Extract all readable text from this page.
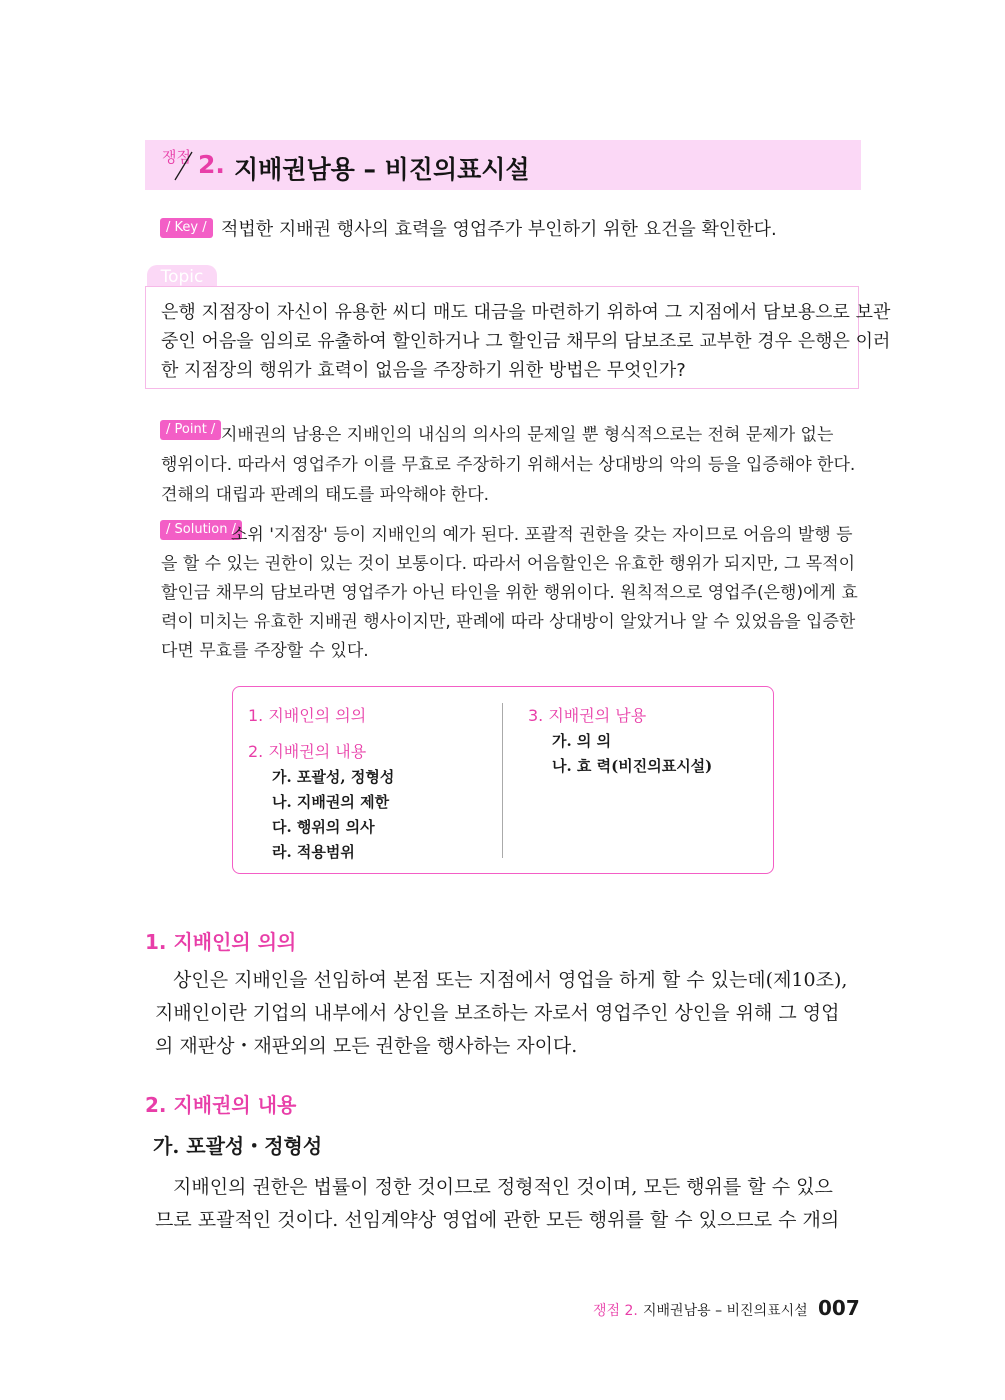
쟁점 2. 지배권남용 – 비진의표시설
/ Key / 적법한 지배권 행사의 효력을 영업주가 부인하기 위한 요건을 확인한다.
Topic
은행 지점장이 자신이 유용한 씨디 매도 대금을 마련하기 위하여 그 지점에서 담보용으로 보관
중인 어음을 임의로 유출하여 할인하거나 그 할인금 채무의 담보조로 교부한 경우 은행은 이러
한 지점장의 행위가 효력이 없음을 주장하기 위한 방법은 무엇인가?
/ Point / 지배권의 남용은 지배인의 내심의 의사의 문제일 뿐 형식적으로는 전혀 문제가 없는
행위이다. 따라서 영업주가 이를 무효로 주장하기 위해서는 상대방의 악의 등을 입증해야 한다.
견해의 대립과 판례의 태도를 파악해야 한다.
/ Solution /
소위 '지점장' 등이 지배인의 예가 된다. 포괄적 권한을 갖는 자이므로 어음의 발행 등
을 할 수 있는 권한이 있는 것이 보통이다. 따라서 어음할인은 유효한 행위가 되지만, 그 목적이
할인금 채무의 담보라면 영업주가 아닌 타인을 위한 행위이다. 원칙적으로 영업주(은행)에게 효
력이 미치는 유효한 지배권 행사이지만, 판례에 따라 상대방이 알았거나 알 수 있었음을 입증한
다면 무효를 주장할 수 있다.
1. 지배인의 의의
2. 지배권의 내용
가. 포괄성, 정형성
나. 지배권의 제한
다. 행위의 의사
라. 적용범위
3. 지배권의 남용
가. 의 의
나. 효 력(비진의표시설)
1. 지배인의 의의
상인은 지배인을 선임하여 본점 또는 지점에서 영업을 하게 할 수 있는데(제10조),
지배인이란 기업의 내부에서 상인을 보조하는 자로서 영업주인 상인을 위해 그 영업
의 재판상・재판외의 모든 권한을 행사하는 자이다.
2. 지배권의 내용
가. 포괄성・정형성
지배인의 권한은 법률이 정한 것이므로 정형적인 것이며, 모든 행위를 할 수 있으
므로 포괄적인 것이다. 선임계약상 영업에 관한 모든 행위를 할 수 있으므로 수 개의
쟁점 2. 지배권남용 – 비진의표시설 007
